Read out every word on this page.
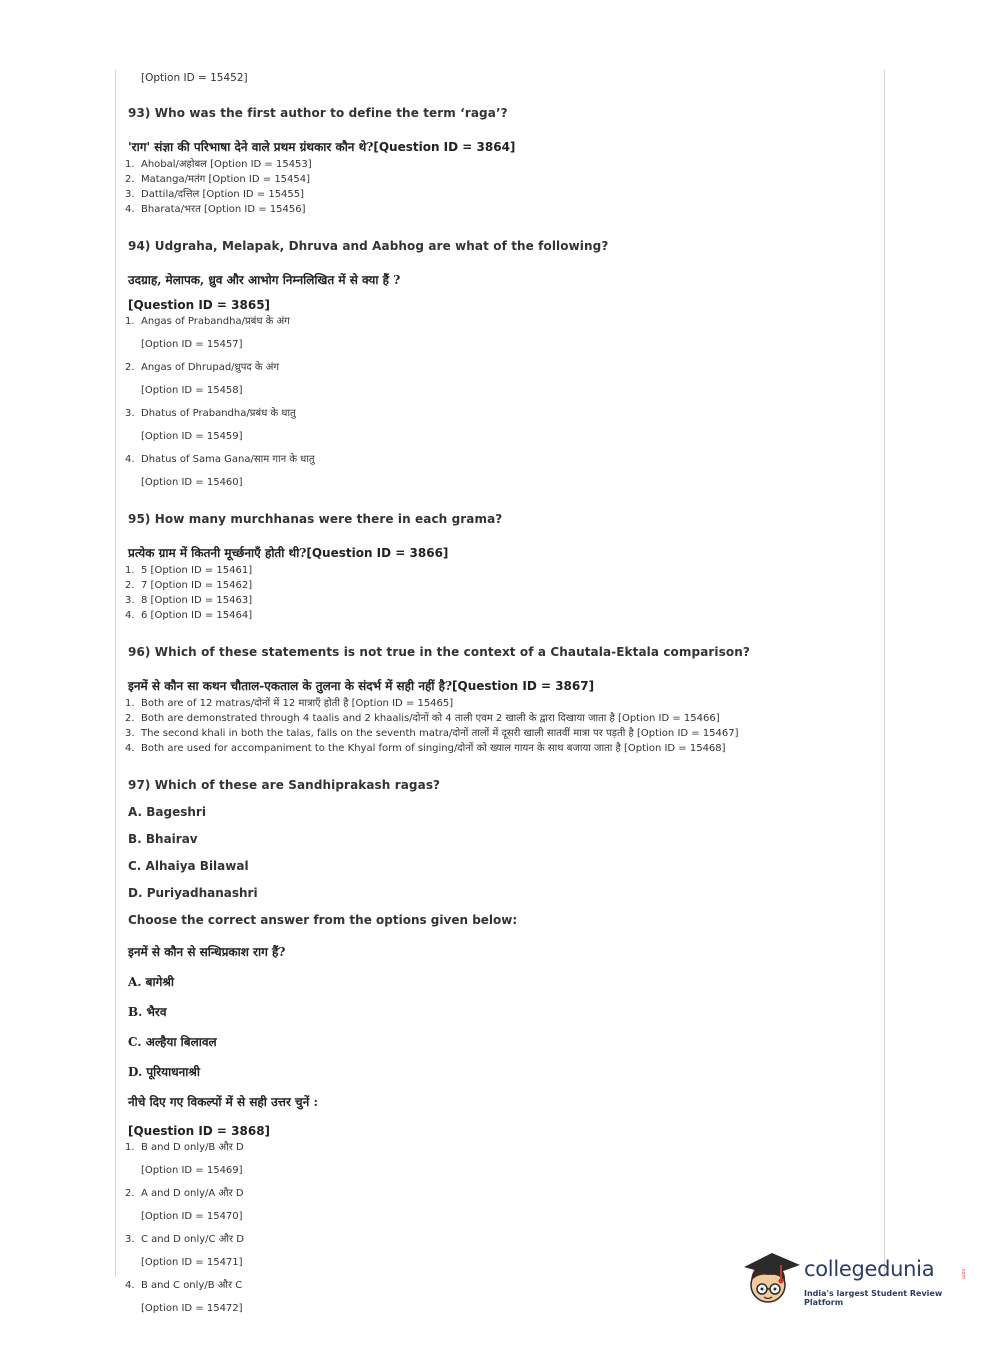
[Option ID = 15452]
93) Who was the first author to define the term ‘raga’?
'राग' संज्ञा की परिभाषा देने वाले प्रथम ग्रंथकार कौन थे?[Question ID = 3864]
1. Ahobal/अहोबल [Option ID = 15453]
2. Matanga/मतंग [Option ID = 15454]
3. Dattila/दत्तिल [Option ID = 15455]
4. Bharata/भरत [Option ID = 15456]
94) Udgraha, Melapak, Dhruva and Aabhog are what of the following?
उदग्राह, मेलापक, ध्रुव और आभोग निम्नलिखित में से क्या हैं ?
[Question ID = 3865]
1. Angas of Prabandha/प्रबंध के अंग
[Option ID = 15457]
2. Angas of Dhrupad/ध्रुपद के अंग
[Option ID = 15458]
3. Dhatus of Prabandha/प्रबंध के धातु
[Option ID = 15459]
4. Dhatus of Sama Gana/साम गान के धातु
[Option ID = 15460]
95) How many murchhanas were there in each grama?
प्रत्येक ग्राम में कितनी मूर्च्छनाएँ होती थी?[Question ID = 3866]
1. 5 [Option ID = 15461]
2. 7 [Option ID = 15462]
3. 8 [Option ID = 15463]
4. 6 [Option ID = 15464]
96) Which of these statements is not true in the context of a Chautala-Ektala comparison?
इनमें से कौन सा कथन चौताल-एकताल के तुलना के संदर्भ में सही नहीं है?[Question ID = 3867]
1. Both are of 12 matras/दोनों में 12 मात्राएँ होती है [Option ID = 15465]
2. Both are demonstrated through 4 taalis and 2 khaalis/दोनों को 4 ताली एवम 2 खाली के द्वारा दिखाया जाता है [Option ID = 15466]
3. The second khali in both the talas, falls on the seventh matra/दोनों तालों में दूसरी खाली सातवीं मात्रा पर पड़ती है [Option ID = 15467]
4. Both are used for accompaniment to the Khyal form of singing/दोनों को ख्याल गायन के साथ बजाया जाता है [Option ID = 15468]
97) Which of these are Sandhiprakash ragas?
A. Bageshri
B. Bhairav
C. Alhaiya Bilawal
D. Puriyadhanashri
Choose the correct answer from the options given below:
इनमें से कौन से सन्धिप्रकाश राग हैं?
A. बागेश्री
B. भैरव
C. अल्हैया बिलावल
D. पूरियाधनाश्री
नीचे दिए गए विकल्पों में से सही उत्तर चुनें :
[Question ID = 3868]
1. B and D only/B और D
[Option ID = 15469]
2. A and D only/A और D
[Option ID = 15470]
3. C and D only/C और D
[Option ID = 15471]
4. B and C only/B और C
[Option ID = 15472]
collegedunia	.com
India's largest Student Review Platform
